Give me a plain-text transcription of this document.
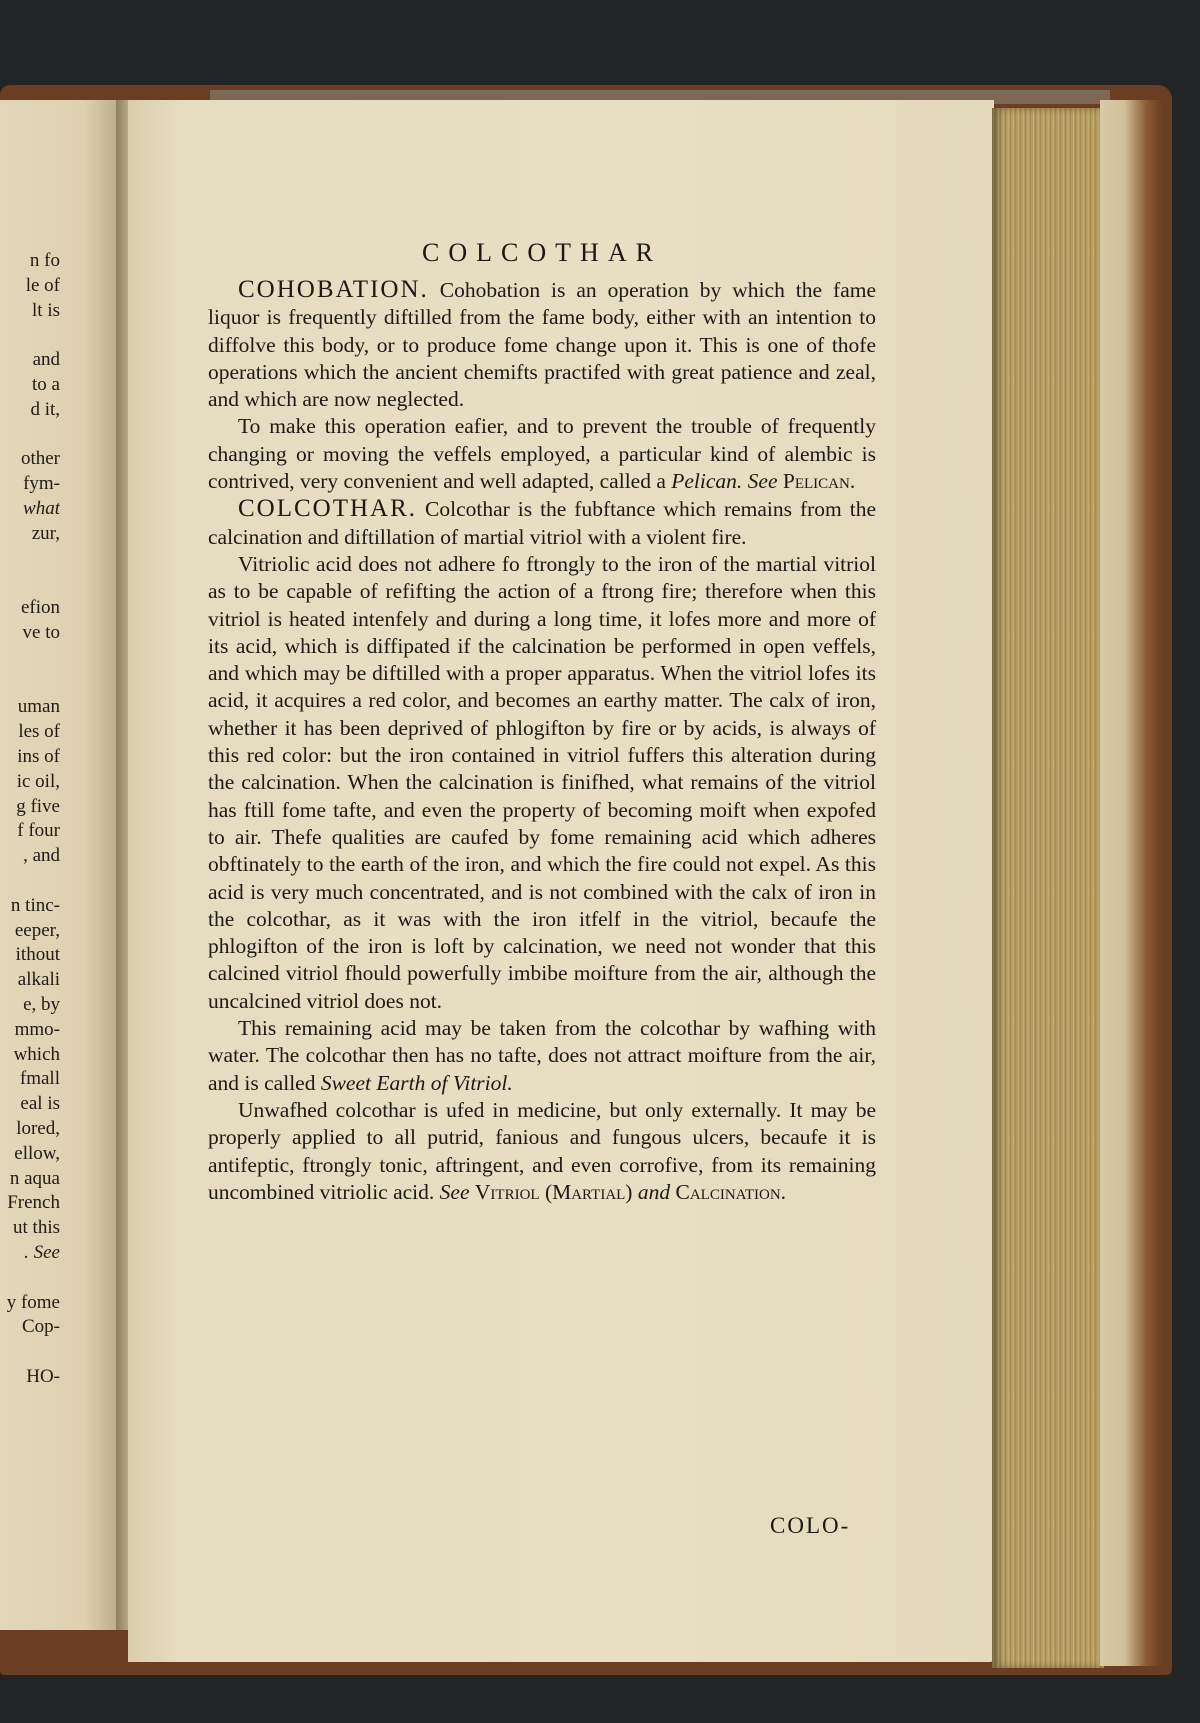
n fo
le of
lt is
and
to a
d it,
other
fym-
what
zur,
efion
ve to
uman
les of
ins of
ic oil,
g five
f four
, and
n tinc-
eeper,
ithout
alkali
e, by
mmo-
which
fmall
eal is
lored,
ellow,
n aqua
French
ut this
. See
y fome
Cop-
HO-
COLCOTHAR

COHOBATION. Cohobation is an operation by which the fame liquor is frequently diftilled from the fame body, either with an intention to diffolve this body, or to produce fome change upon it. This is one of thofe operations which the ancient chemifts practifed with great patience and zeal, and which are now neglected.

To make this operation eafier, and to prevent the trouble of frequently changing or moving the veffels employed, a particular kind of alembic is contrived, very convenient and well adapted, called a Pelican. See Pelican.

COLCOTHAR. Colcothar is the fubftance which remains from the calcination and diftillation of martial vitriol with a violent fire.

Vitriolic acid does not adhere fo ftrongly to the iron of the martial vitriol as to be capable of refifting the action of a ftrong fire; therefore when this vitriol is heated intenfely and during a long time, it lofes more and more of its acid, which is diffipated if the calcination be performed in open veffels, and which may be diftilled with a proper apparatus. When the vitriol lofes its acid, it acquires a red color, and becomes an earthy matter. The calx of iron, whether it has been deprived of phlogifton by fire or by acids, is always of this red color: but the iron contained in vitriol fuffers this alteration during the calcination. When the calcination is finifhed, what remains of the vitriol has ftill fome tafte, and even the property of becoming moift when expofed to air. Thefe qualities are caufed by fome remaining acid which adheres obftinately to the earth of the iron, and which the fire could not expel. As this acid is very much concentrated, and is not combined with the calx of iron in the colcothar, as it was with the iron itfelf in the vitriol, becaufe the phlogifton of the iron is loft by calcination, we need not wonder that this calcined vitriol fhould powerfully imbibe moifture from the air, although the uncalcined vitriol does not.

This remaining acid may be taken from the colcothar by wafhing with water. The colcothar then has no tafte, does not attract moifture from the air, and is called Sweet Earth of Vitriol.

Unwafhed colcothar is ufed in medicine, but only externally. It may be properly applied to all putrid, fanious and fungous ulcers, becaufe it is antifeptic, ftrongly tonic, aftringent, and even corrofive, from its remaining uncombined vitriolic acid. See Vitriol (Martial) and Calcination.

COLO-
